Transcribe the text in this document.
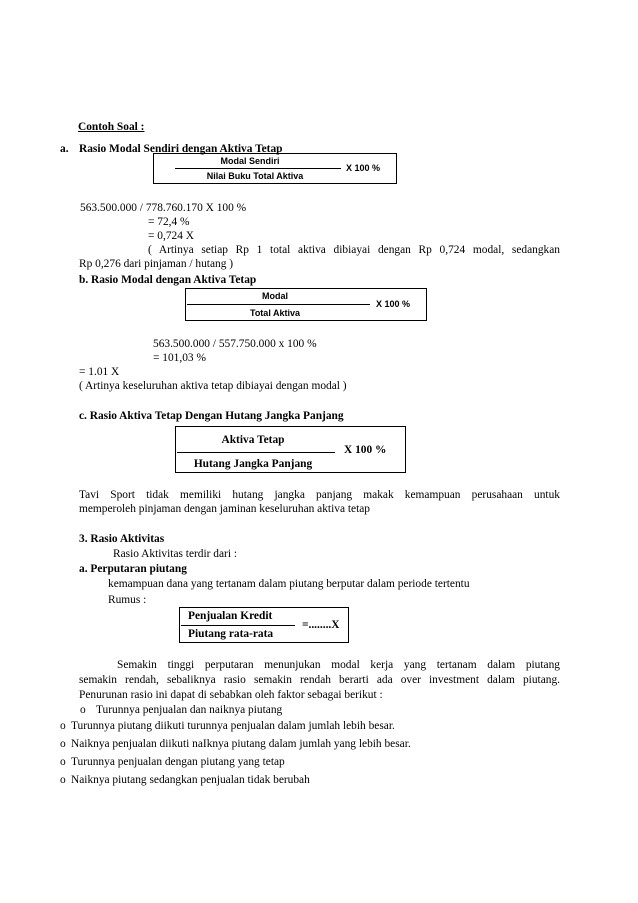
Contoh Soal :
a. Rasio Modal Sendiri dengan Aktiva Tetap
Modal Sendiri
Nilai Buku Total Aktiva
X 100 %
563.500.000 / 778.760.170 X 100 %
= 72,4 %
= 0,724 X
( Artinya setiap Rp 1 total aktiva dibiayai dengan Rp 0,724 modal, sedangkan
Rp 0,276 dari pinjaman / hutang )
b. Rasio Modal dengan Aktiva Tetap
Modal
Total Aktiva
X 100 %
563.500.000 / 557.750.000 x 100 %
= 101,03 %
= 1.01 X
( Artinya keseluruhan aktiva tetap dibiayai dengan modal )
c. Rasio Aktiva Tetap Dengan Hutang Jangka Panjang
Aktiva Tetap
Hutang Jangka Panjang
X 100 %
Tavi Sport tidak memiliki hutang jangka panjang makak kemampuan perusahaan untuk
memperoleh pinjaman dengan jaminan keseluruhan aktiva tetap
3. Rasio Aktivitas
Rasio Aktivitas terdir dari :
a. Perputaran piutang
kemampuan dana yang tertanam dalam piutang berputar dalam periode tertentu
Rumus :
Penjualan Kredit
Piutang rata-rata
=........X
Semakin tinggi perputaran menunjukan modal kerja yang tertanam dalam piutang
semakin rendah, sebaliknya rasio semakin rendah berarti ada over investment dalam piutang.
Penurunan rasio ini dapat di sebabkan oleh faktor sebagai berikut :
o Turunnya penjualan dan naiknya piutang
o Turunnya piutang diikuti turunnya penjualan dalam jumlah lebih besar.
o Naiknya penjualan diikuti naIknya piutang dalam jumlah yang lebih besar.
o Turunnya penjualan dengan piutang yang tetap
o Naiknya piutang sedangkan penjualan tidak berubah
